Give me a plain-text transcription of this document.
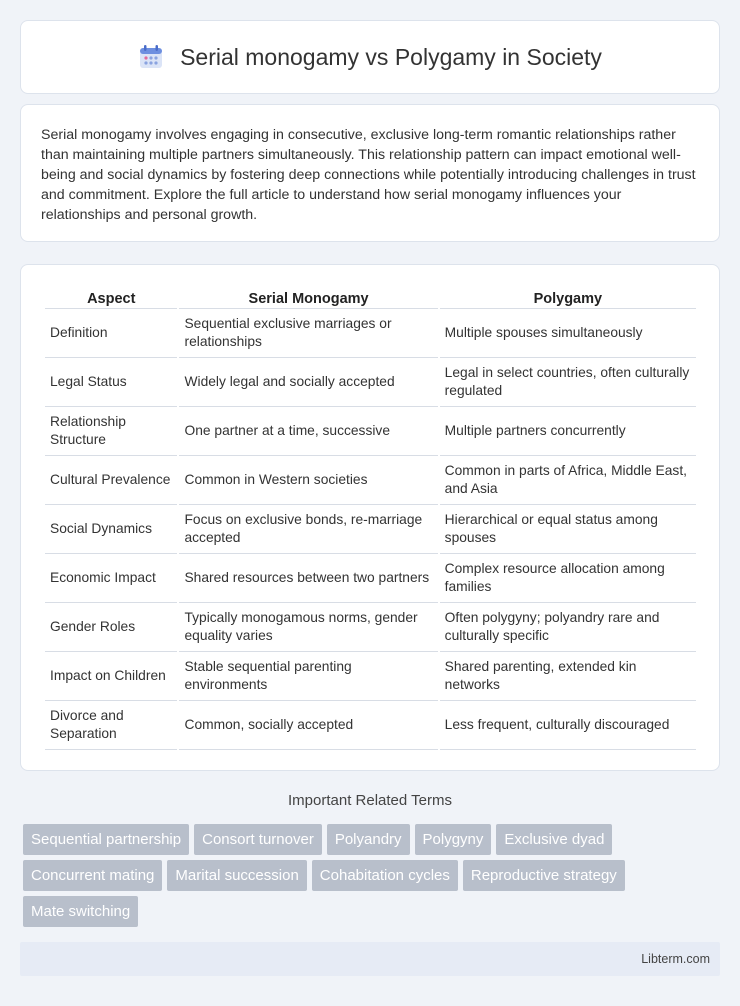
Serial monogamy vs Polygamy in Society

Serial monogamy involves engaging in consecutive, exclusive long-term romantic relationships rather than maintaining multiple partners simultaneously. This relationship pattern can impact emotional well-being and social dynamics by fostering deep connections while potentially introducing challenges in trust and commitment. Explore the full article to understand how serial monogamy influences your relationships and personal growth.

Aspect	Serial Monogamy	Polygamy
Definition	Sequential exclusive marriages or relationships	Multiple spouses simultaneously
Legal Status	Widely legal and socially accepted	Legal in select countries, often culturally regulated
Relationship Structure	One partner at a time, successive	Multiple partners concurrently
Cultural Prevalence	Common in Western societies	Common in parts of Africa, Middle East, and Asia
Social Dynamics	Focus on exclusive bonds, re-marriage accepted	Hierarchical or equal status among spouses
Economic Impact	Shared resources between two partners	Complex resource allocation among families
Gender Roles	Typically monogamous norms, gender equality varies	Often polygyny; polyandry rare and culturally specific
Impact on Children	Stable sequential parenting environments	Shared parenting, extended kin networks
Divorce and Separation	Common, socially accepted	Less frequent, culturally discouraged
Important Related Terms
Sequential partnership	Consort turnover	Polyandry	Polygyny	Exclusive dyad
Concurrent mating	Marital succession	Cohabitation cycles	Reproductive strategy
Mate switching
Libterm.com
